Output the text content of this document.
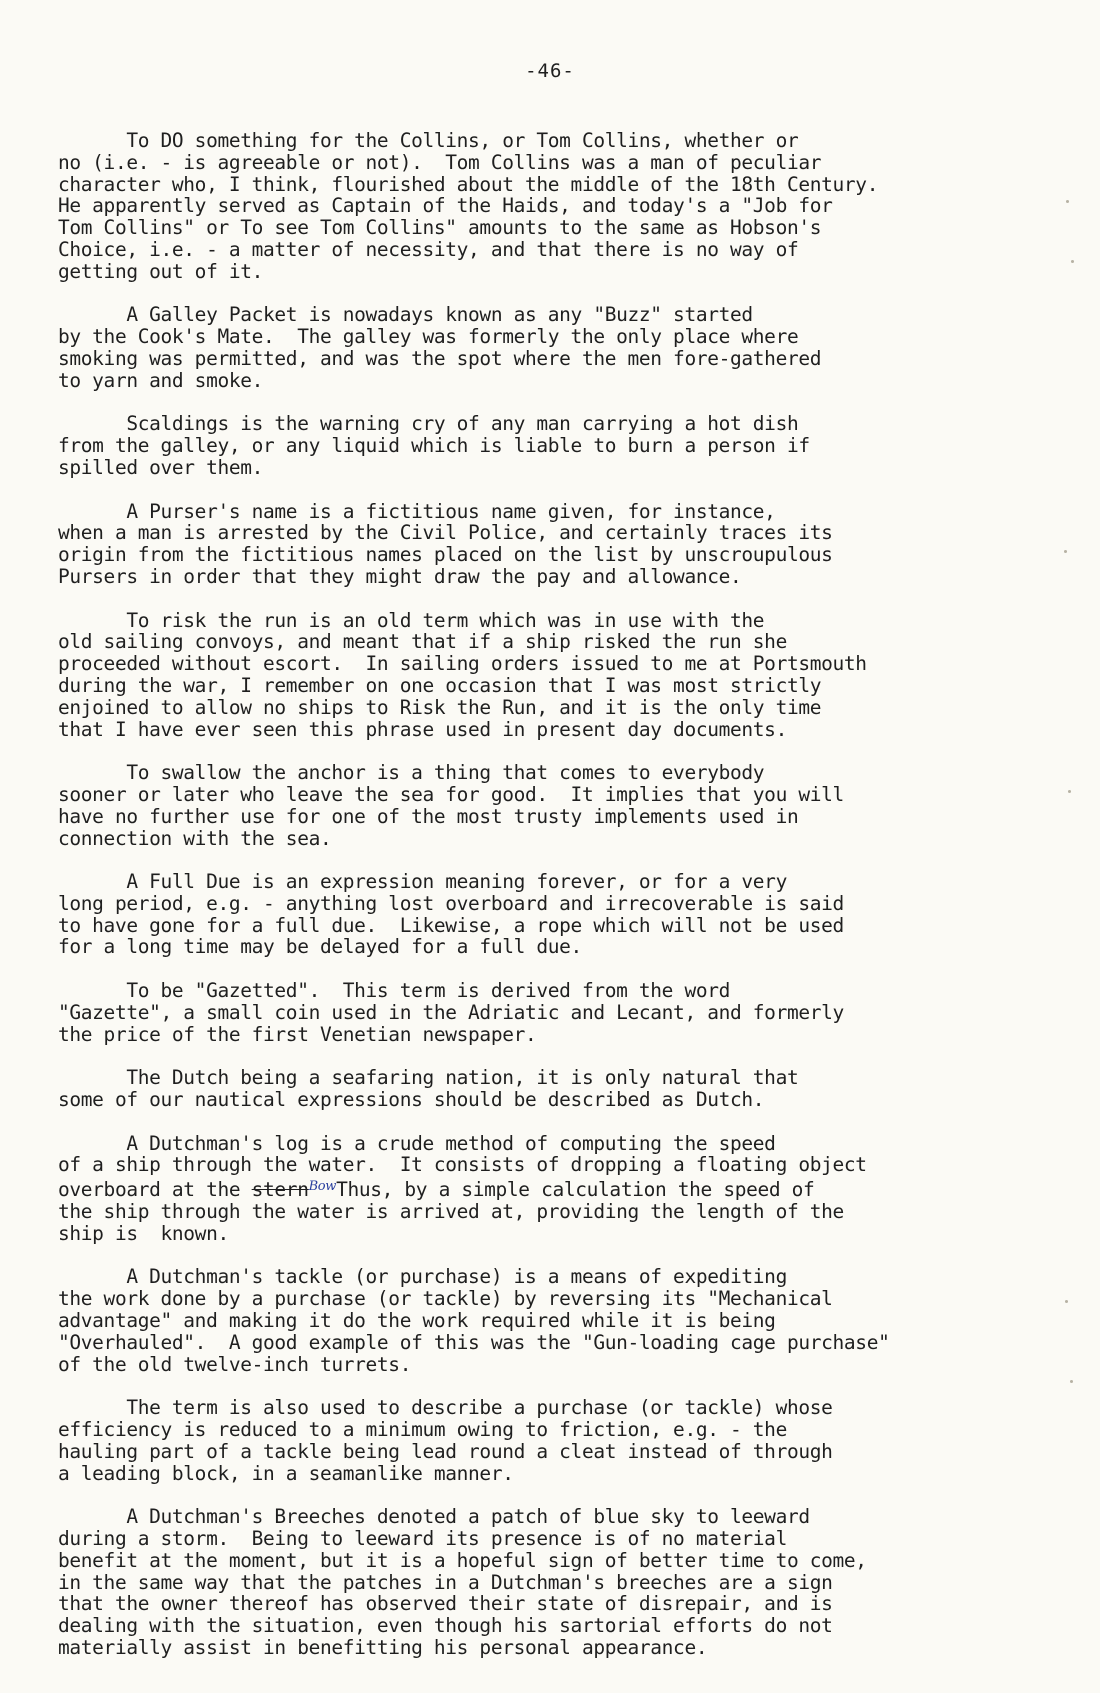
-46-
To DO something for the Collins, or Tom Collins, whether or
no (i.e. - is agreeable or not).  Tom Collins was a man of peculiar
character who, I think, flourished about the middle of the 18th Century.
He apparently served as Captain of the Haids, and today's a "Job for
Tom Collins" or To see Tom Collins" amounts to the same as Hobson's
Choice, i.e. - a matter of necessity, and that there is no way of
getting out of it.
A Galley Packet is nowadays known as any "Buzz" started
by the Cook's Mate.  The galley was formerly the only place where
smoking was permitted, and was the spot where the men fore-gathered
to yarn and smoke.
Scaldings is the warning cry of any man carrying a hot dish
from the galley, or any liquid which is liable to burn a person if
spilled over them.
A Purser's name is a fictitious name given, for instance,
when a man is arrested by the Civil Police, and certainly traces its
origin from the fictitious names placed on the list by unscroupulous
Pursers in order that they might draw the pay and allowance.
To risk the run is an old term which was in use with the
old sailing convoys, and meant that if a ship risked the run she
proceeded without escort.  In sailing orders issued to me at Portsmouth
during the war, I remember on one occasion that I was most strictly
enjoined to allow no ships to Risk the Run, and it is the only time
that I have ever seen this phrase used in present day documents.
To swallow the anchor is a thing that comes to everybody
sooner or later who leave the sea for good.  It implies that you will
have no further use for one of the most trusty implements used in
connection with the sea.
A Full Due is an expression meaning forever, or for a very
long period, e.g. - anything lost overboard and irrecoverable is said
to have gone for a full due.  Likewise, a rope which will not be used
for a long time may be delayed for a full due.
To be "Gazetted".  This term is derived from the word
"Gazette", a small coin used in the Adriatic and Lecant, and formerly
the price of the first Venetian newspaper.
The Dutch being a seafaring nation, it is only natural that
some of our nautical expressions should be described as Dutch.
A Dutchman's log is a crude method of computing the speed
of a ship through the water.  It consists of dropping a floating object
overboard at the stern$^{Bow}$Thus, by a simple calculation the speed of
the ship through the water is arrived at, providing the length of the
ship is  known.
A Dutchman's tackle (or purchase) is a means of expediting
the work done by a purchase (or tackle) by reversing its "Mechanical
advantage" and making it do the work required while it is being
"Overhauled".  A good example of this was the "Gun-loading cage purchase"
of the old twelve-inch turrets.
The term is also used to describe a purchase (or tackle) whose
efficiency is reduced to a minimum owing to friction, e.g. - the
hauling part of a tackle being lead round a cleat instead of through
a leading block, in a seamanlike manner.
A Dutchman's Breeches denoted a patch of blue sky to leeward
during a storm.  Being to leeward its presence is of no material
benefit at the moment, but it is a hopeful sign of better time to come,
in the same way that the patches in a Dutchman's breeches are a sign
that the owner thereof has observed their state of disrepair, and is
dealing with the situation, even though his sartorial efforts do not
materially assist in benefitting his personal appearance.
